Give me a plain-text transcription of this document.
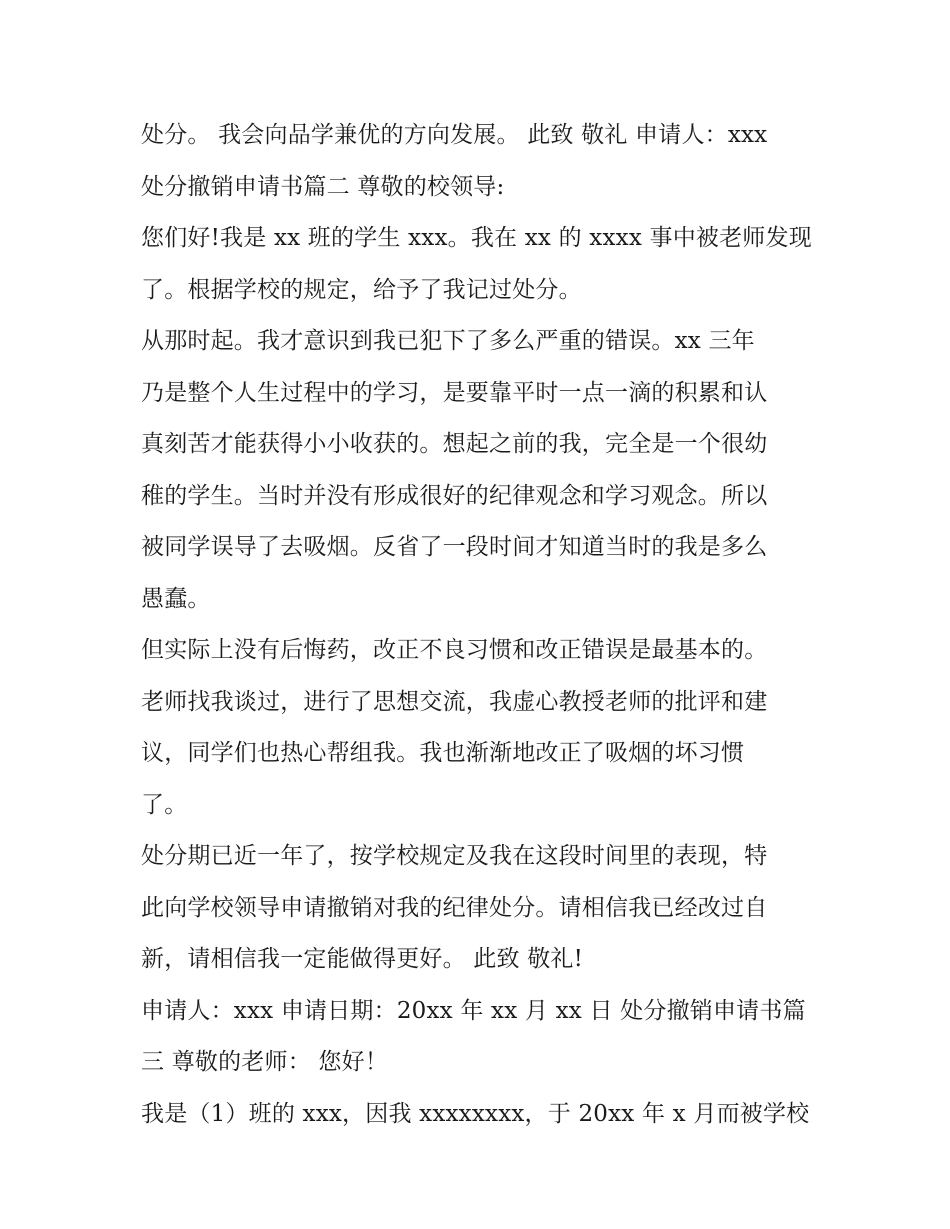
处分。 我会向品学兼优的方向发展。 此致 敬礼 申请人：xxx
处分撤销申请书篇二 尊敬的校领导:
您们好!我是 xx 班的学生 xxx。我在 xx 的 xxxx 事中被老师发现
了。根据学校的规定，给予了我记过处分。
从那时起。我才意识到我已犯下了多么严重的错误。xx 三年
乃是整个人生过程中的学习，是要靠平时一点一滴的积累和认
真刻苦才能获得小小收获的。想起之前的我，完全是一个很幼
稚的学生。当时并没有形成很好的纪律观念和学习观念。所以
被同学误导了去吸烟。反省了一段时间才知道当时的我是多么
愚蠢。
但实际上没有后悔药，改正不良习惯和改正错误是最基本的。
老师找我谈过，进行了思想交流，我虚心教授老师的批评和建
议，同学们也热心帮组我。我也渐渐地改正了吸烟的坏习惯
了。
处分期已近一年了，按学校规定及我在这段时间里的表现，特
此向学校领导申请撤销对我的纪律处分。请相信我已经改过自
新，请相信我一定能做得更好。 此致 敬礼!
申请人：xxx 申请日期：20xx 年 xx 月 xx 日 处分撤销申请书篇
三 尊敬的老师： 您好！
我是（1）班的 xxx，因我 xxxxxxxx，于 20xx 年 x 月而被学校
